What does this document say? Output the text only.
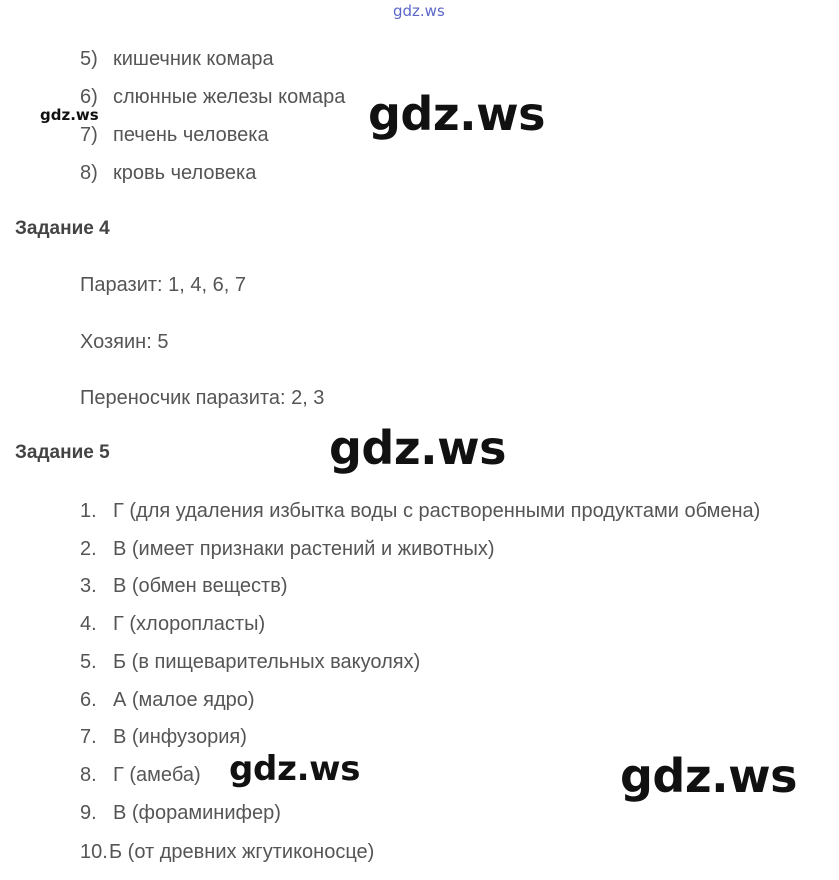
gdz.ws
5) кишечник комара
6) слюнные железы комара
7) печень человека
8) кровь человека
gdz.ws	gdz.ws
Задание 4
Паразит: 1, 4, 6, 7
Хозяин: 5
Переносчик паразита: 2, 3
gdz.ws
Задание 5
1. Г (для удаления избытка воды с растворенными продуктами обмена)
2. В (имеет признаки растений и животных)
3. В (обмен веществ)
4. Г (хлоропласты)
5. Б (в пищеварительных вакуолях)
6. А (малое ядро)
7. В (инфузория)
8. Г (амеба)
9. В (фораминифер)
10.Б (от древних жгутиконосце)
gdz.ws	gdz.ws
